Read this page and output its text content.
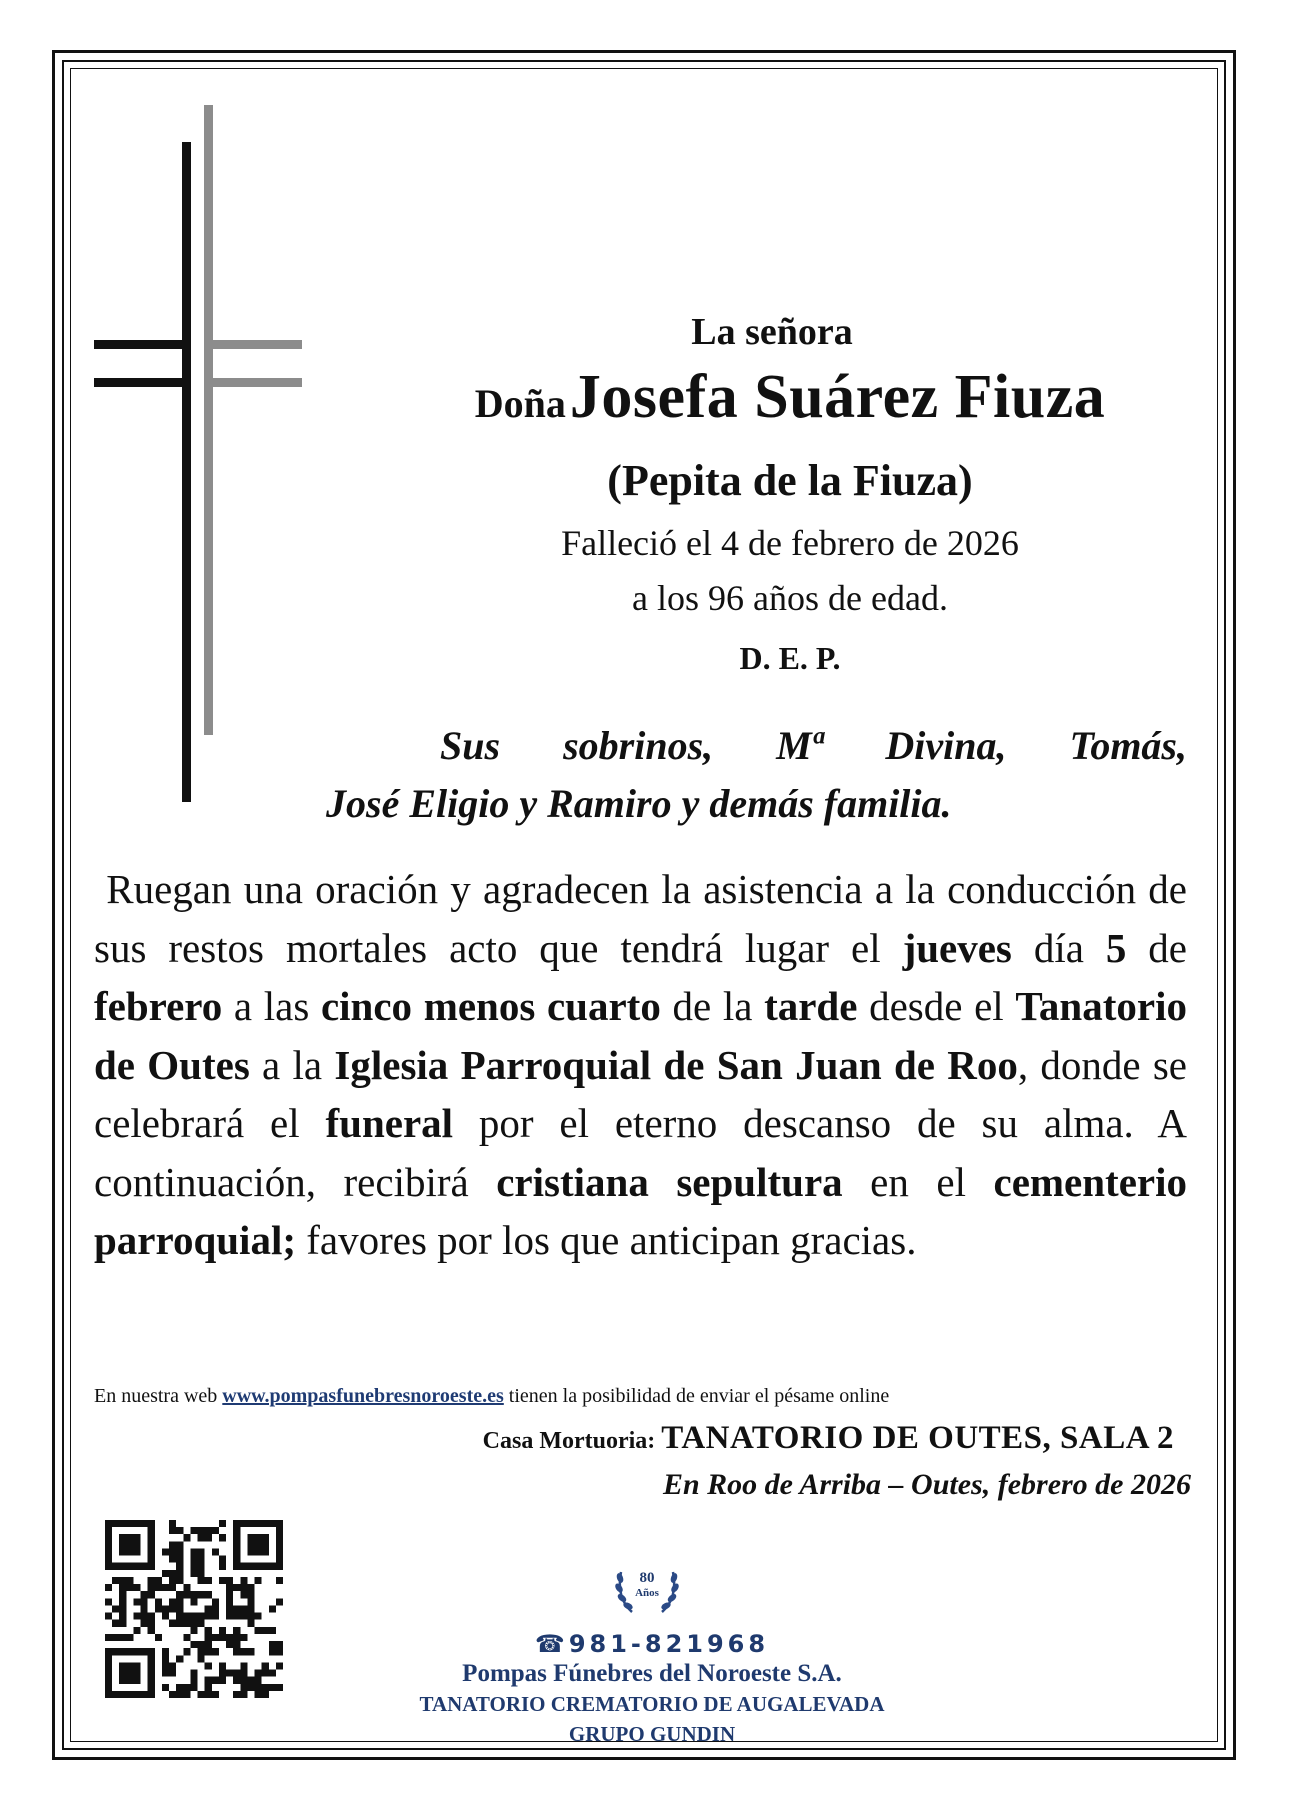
La señora
Doña Josefa Suárez Fiuza
(Pepita de la Fiuza)
Falleció el 4 de febrero de 2026
a los 96 años de edad.
D. E. P.
Sus sobrinos, Mª Divina, Tomás,
José Eligio y Ramiro y demás familia.
Ruegan una oración y agradecen la asistencia a la conducción de sus restos mortales acto que tendrá lugar el jueves día 5 de febrero a las cinco menos cuarto de la tarde desde el Tanatorio de Outes a la Iglesia Parroquial de San Juan de Roo, donde se celebrará el funeral por el eterno descanso de su alma. A continuación, recibirá cristiana sepultura en el cementerio parroquial; favores por los que anticipan gracias.
En nuestra web www.pompasfunebresnoroeste.es tienen la posibilidad de enviar el pésame online
Casa Mortuoria: TANATORIO DE OUTES, SALA 2
En Roo de Arriba – Outes, febrero de 2026
80
Años
☎981-821968
Pompas Fúnebres del Noroeste S.A.
TANATORIO CREMATORIO DE AUGALEVADA
GRUPO GUNDIN
